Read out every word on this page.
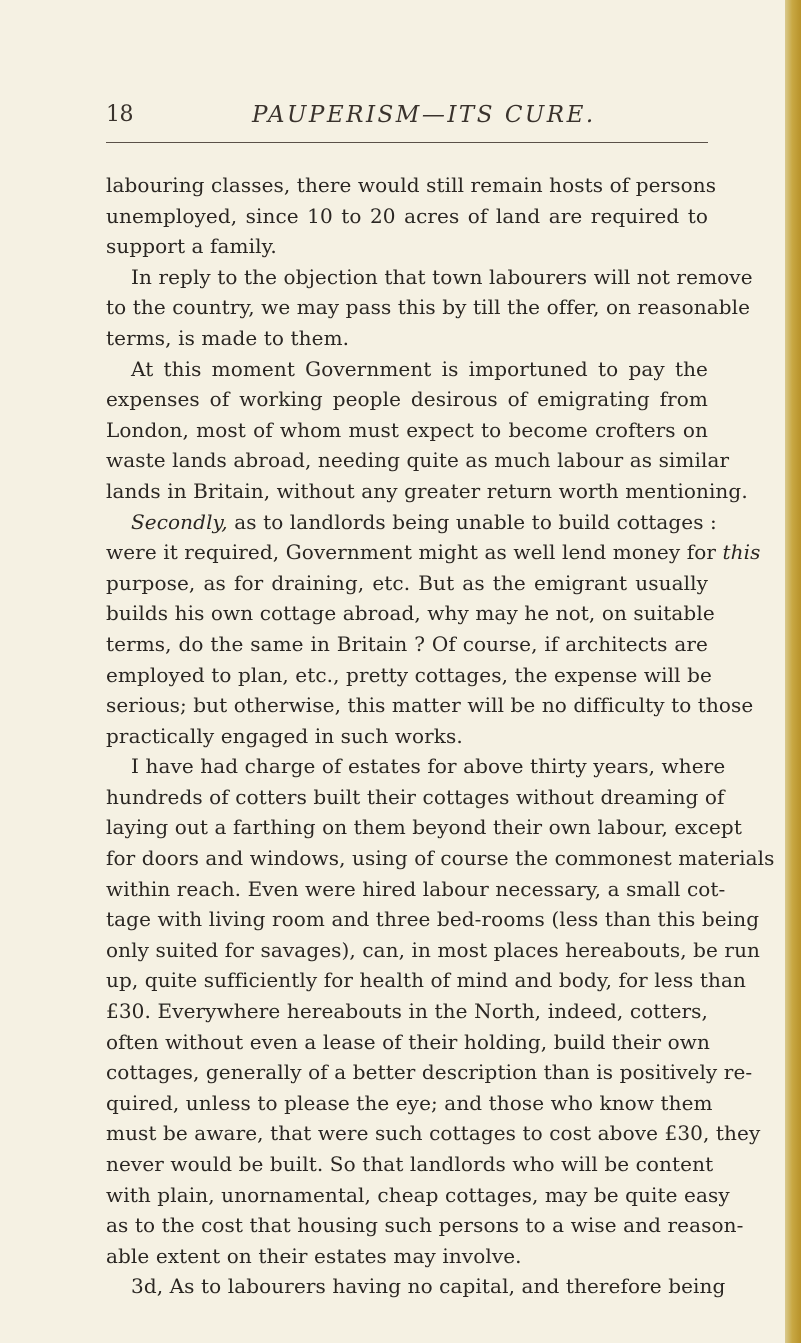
18	PAUPERISM—ITS CURE.
labouring classes, there would still remain hosts of persons
unemployed, since 10 to 20 acres of land are required to
support a family.
In reply to the objection that town labourers will not remove
to the country, we may pass this by till the offer, on reasonable
terms, is made to them.
At this moment Government is importuned to pay the
expenses of working people desirous of emigrating from
London, most of whom must expect to become crofters on
waste lands abroad, needing quite as much labour as similar
lands in Britain, without any greater return worth mentioning.
Secondly, as to landlords being unable to build cottages :
were it required, Government might as well lend money for this
purpose, as for draining, etc. But as the emigrant usually
builds his own cottage abroad, why may he not, on suitable
terms, do the same in Britain ? Of course, if architects are
employed to plan, etc., pretty cottages, the expense will be
serious; but otherwise, this matter will be no difficulty to those
practically engaged in such works.
I have had charge of estates for above thirty years, where
hundreds of cotters built their cottages without dreaming of
laying out a farthing on them beyond their own labour, except
for doors and windows, using of course the commonest materials
within reach. Even were hired labour necessary, a small cot-
tage with living room and three bed-rooms (less than this being
only suited for savages), can, in most places hereabouts, be run
up, quite sufficiently for health of mind and body, for less than
£30. Everywhere hereabouts in the North, indeed, cotters,
often without even a lease of their holding, build their own
cottages, generally of a better description than is positively re-
quired, unless to please the eye; and those who know them
must be aware, that were such cottages to cost above £30, they
never would be built. So that landlords who will be content
with plain, unornamental, cheap cottages, may be quite easy
as to the cost that housing such persons to a wise and reason-
able extent on their estates may involve.
3d, As to labourers having no capital, and therefore being
